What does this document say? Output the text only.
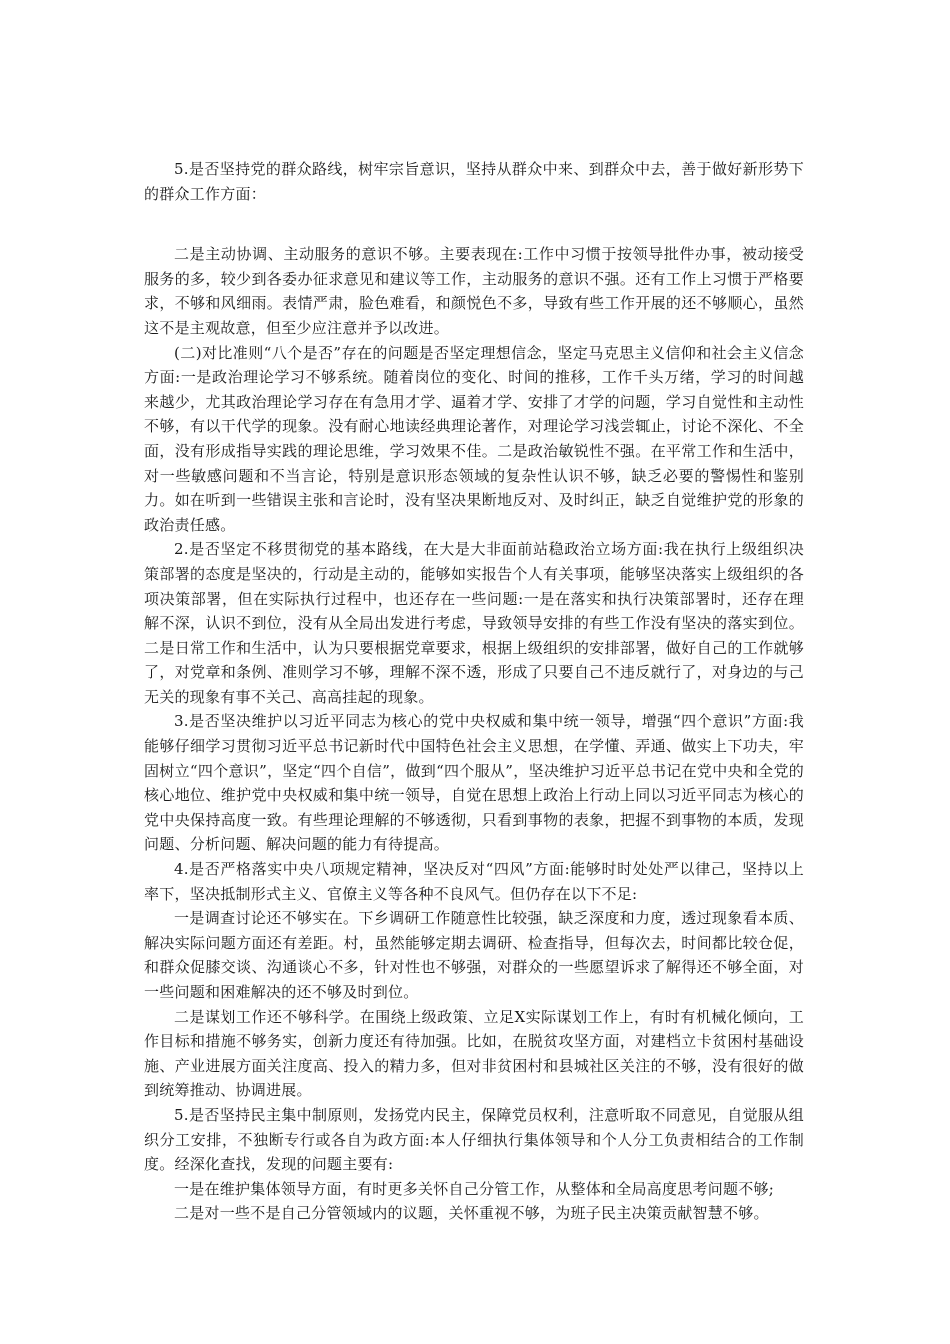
5.是否坚持党的群众路线，树牢宗旨意识，坚持从群众中来、到群众中去，善于做好新形势下的群众工作方面：

二是主动协调、主动服务的意识不够。主要表现在:工作中习惯于按领导批件办事，被动接受服务的多，较少到各委办征求意见和建议等工作，主动服务的意识不强。还有工作上习惯于严格要求，不够和风细雨。表情严肃，脸色难看，和颜悦色不多，导致有些工作开展的还不够顺心，虽然这不是主观故意，但至少应注意并予以改进。

(二)对比准则“八个是否”存在的问题是否坚定理想信念，坚定马克思主义信仰和社会主义信念方面:一是政治理论学习不够系统。随着岗位的变化、时间的推移，工作千头万绪，学习的时间越来越少，尤其政治理论学习存在有急用才学、逼着才学、安排了才学的问题，学习自觉性和主动性不够，有以干代学的现象。没有耐心地读经典理论著作，对理论学习浅尝辄止，讨论不深化、不全面，没有形成指导实践的理论思维，学习效果不佳。二是政治敏锐性不强。在平常工作和生活中，对一些敏感问题和不当言论，特别是意识形态领域的复杂性认识不够，缺乏必要的警惕性和鉴别力。如在听到一些错误主张和言论时，没有坚决果断地反对、及时纠正，缺乏自觉维护党的形象的政治责任感。

2.是否坚定不移贯彻党的基本路线，在大是大非面前站稳政治立场方面:我在执行上级组织决策部署的态度是坚决的，行动是主动的，能够如实报告个人有关事项，能够坚决落实上级组织的各项决策部署，但在实际执行过程中，也还存在一些问题:一是在落实和执行决策部署时，还存在理解不深，认识不到位，没有从全局出发进行考虑，导致领导安排的有些工作没有坚决的落实到位。二是日常工作和生活中，认为只要根据党章要求，根据上级组织的安排部署，做好自己的工作就够了，对党章和条例、准则学习不够，理解不深不透，形成了只要自己不违反就行了，对身边的与己无关的现象有事不关己、高高挂起的现象。

3.是否坚决维护以习近平同志为核心的党中央权威和集中统一领导，增强“四个意识”方面:我能够仔细学习贯彻习近平总书记新时代中国特色社会主义思想，在学懂、弄通、做实上下功夫，牢固树立“四个意识”，坚定“四个自信”，做到“四个服从”，坚决维护习近平总书记在党中央和全党的核心地位、维护党中央权威和集中统一领导，自觉在思想上政治上行动上同以习近平同志为核心的党中央保持高度一致。有些理论理解的不够透彻，只看到事物的表象，把握不到事物的本质，发现问题、分析问题、解决问题的能力有待提高。

4.是否严格落实中央八项规定精神，坚决反对“四风”方面:能够时时处处严以律己，坚持以上率下，坚决抵制形式主义、官僚主义等各种不良风气。但仍存在以下不足:

一是调查讨论还不够实在。下乡调研工作随意性比较强，缺乏深度和力度，透过现象看本质、解决实际问题方面还有差距。村，虽然能够定期去调研、检查指导，但每次去，时间都比较仓促，和群众促膝交谈、沟通谈心不多，针对性也不够强，对群众的一些愿望诉求了解得还不够全面，对一些问题和困难解决的还不够及时到位。

二是谋划工作还不够科学。在围绕上级政策、立足X实际谋划工作上，有时有机械化倾向，工作目标和措施不够务实，创新力度还有待加强。比如，在脱贫攻坚方面，对建档立卡贫困村基础设施、产业进展方面关注度高、投入的精力多，但对非贫困村和县城社区关注的不够，没有很好的做到统筹推动、协调进展。

5.是否坚持民主集中制原则，发扬党内民主，保障党员权利，注意听取不同意见，自觉服从组织分工安排，不独断专行或各自为政方面:本人仔细执行集体领导和个人分工负责相结合的工作制度。经深化查找，发现的问题主要有:

一是在维护集体领导方面，有时更多关怀自己分管工作，从整体和全局高度思考问题不够;

二是对一些不是自己分管领域内的议题，关怀重视不够，为班子民主决策贡献智慧不够。
